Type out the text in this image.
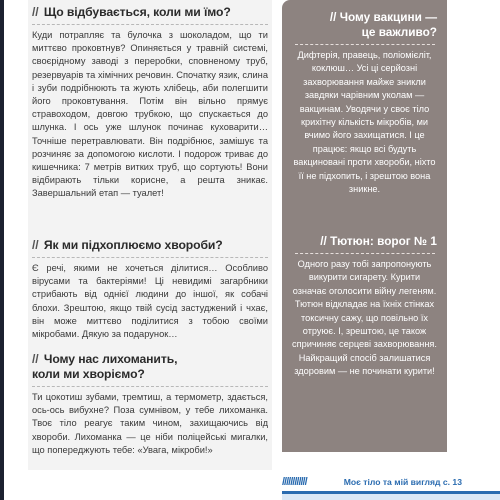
// Що відбувається, коли ми їмо?

Куди потрапляє та булочка з шоколадом, що ти миттєво проковтнув? Опиняється у травній системі, своєрідному заводі з переробки, сповненому труб, резервуарів та хімічних речовин. Спочатку язик, слина і зуби подрібнюють та жують хлібець, аби полегшити його проковтування. Потім він вільно прямує стравоходом, довгою трубкою, що спускається до шлунка. І ось уже шлунок починає куховарити… Точніше перетравлювати. Він подрібнює, замішує та розчиняє за допомогою кислоти. І подорож триває до кишечника: 7 метрів витких труб, що сортують! Вони відбирають тільки корисне, а решта зникає. Завершальний етап — туалет!

// Як ми підхоплюємо хвороби?

Є речі, якими не хочеться ділитися… Особливо вірусами та бактеріями! Ці невидимі загарбники стрибають від однієї людини до іншої, як собачі блохи. Зрештою, якщо твій сусід застуджений і чхає, він може миттєво поділитися з тобою своїми мікробами. Дякую за подарунок…

// Чому нас лихоманить,
коли ми хворіємо?

Ти цокотиш зубами, тремтиш, а термометр, здається, ось-ось вибухне? Поза сумнівом, у тебе лихоманка. Твоє тіло реагує таким чином, захищаючись від хвороби. Лихоманка — це ніби поліцейські мигалки, що попереджують тебе: «Увага, мікроби!»

// Чому вакцини —
це важливо?

Дифтерія, правець, поліомієліт, коклюш… Усі ці серйозні захворювання майже зникли завдяки чарівним уколам — вакцинам. Уводячи у своє тіло крихітну кількість мікробів, ми вчимо його захищатися. І це працює: якщо всі будуть вакциновані проти хвороби, ніхто її не підхопить, і зрештою вона зникне.

// Тютюн: ворог № 1

Одного разу тобі запропонують викурити сигарету. Курити означає оголосити війну легеням. Тютюн відкладає на їхніх стінках токсичну сажу, що повільно їх отруює. І, зрештою, це також спричиняє серцеві захворювання. Найкращий спосіб залишатися здоровим — не починати курити!

////////////	Моє тіло та мій вигляд с. 13
